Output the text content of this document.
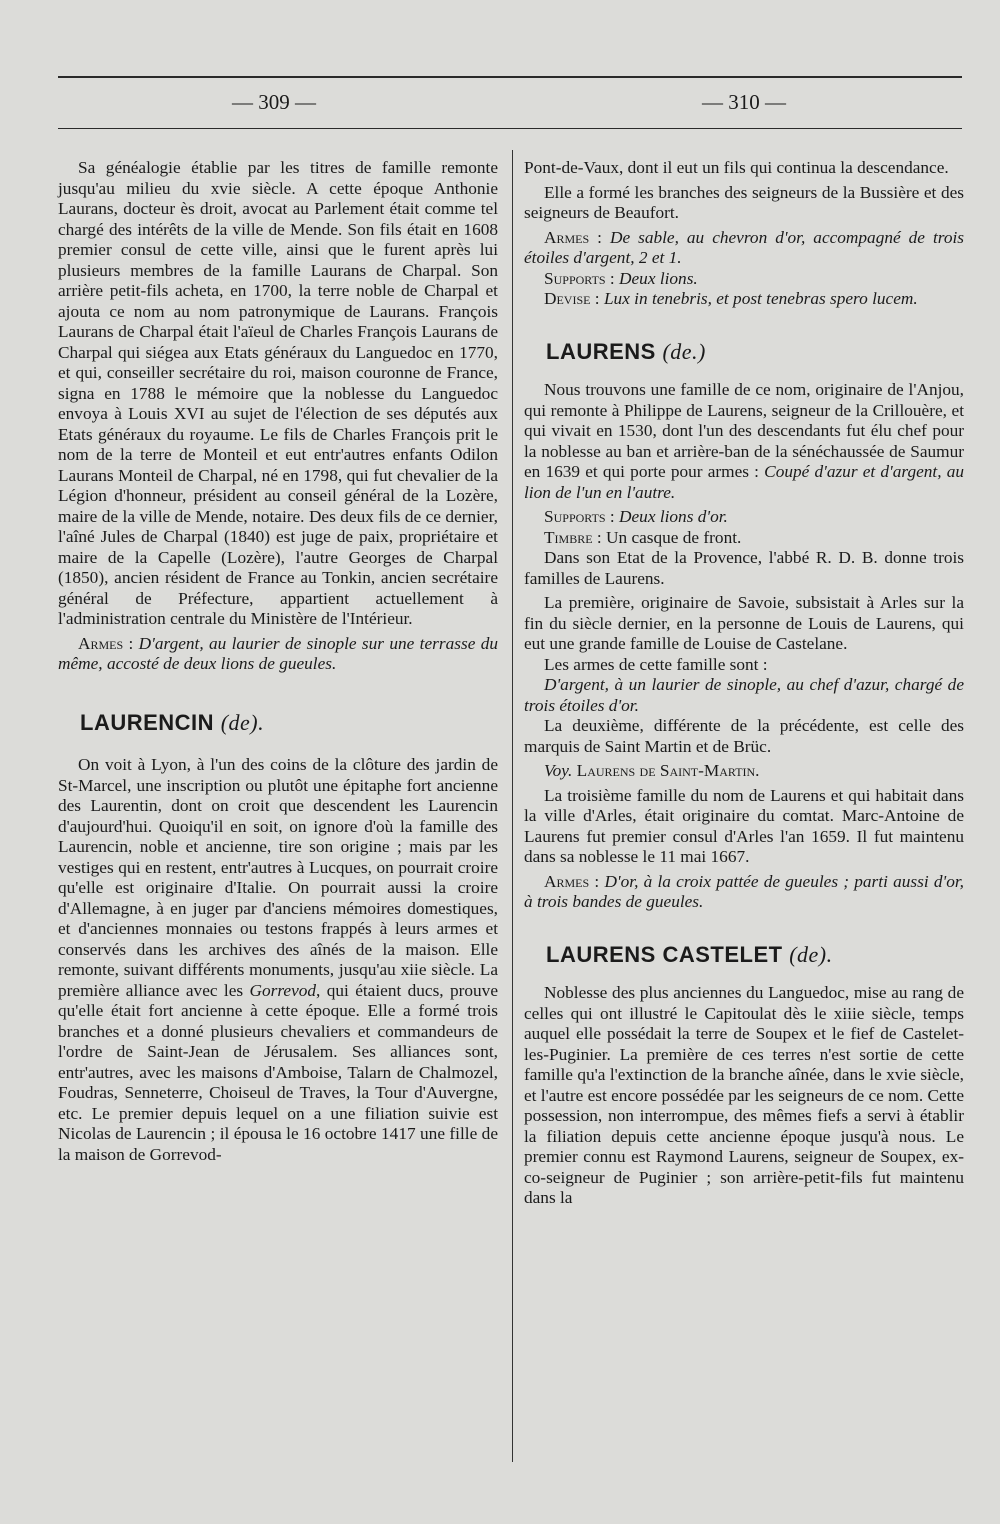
— 309 —	— 310 —

Sa généalogie établie par les titres de famille remonte jusqu'au milieu du xvie siècle. A cette époque Anthonie Laurans, docteur ès droit, avocat au Parlement était comme tel chargé des intérêts de la ville de Mende. Son fils était en 1608 premier consul de cette ville, ainsi que le furent après lui plusieurs membres de la famille Laurans de Charpal. Son arrière petit-fils acheta, en 1700, la terre noble de Charpal et ajouta ce nom au nom patronymique de Laurans. François Laurans de Charpal était l'aïeul de Charles François Laurans de Charpal qui siégea aux Etats généraux du Languedoc en 1770, et qui, conseiller secrétaire du roi, maison couronne de France, signa en 1788 le mémoire que la noblesse du Languedoc envoya à Louis XVI au sujet de l'élection de ses députés aux Etats généraux du royaume. Le fils de Charles François prit le nom de la terre de Monteil et eut entr'autres enfants Odilon Laurans Monteil de Charpal, né en 1798, qui fut chevalier de la Légion d'honneur, président au conseil général de la Lozère, maire de la ville de Mende, notaire. Des deux fils de ce dernier, l'aîné Jules de Charpal (1840) est juge de paix, propriétaire et maire de la Capelle (Lozère), l'autre Georges de Charpal (1850), ancien résident de France au Tonkin, ancien secrétaire général de Préfecture, appartient actuellement à l'administration centrale du Ministère de l'Intérieur.

Armes : D'argent, au laurier de sinople sur une terrasse du même, accosté de deux lions de gueules.

LAURENCIN (de).

On voit à Lyon, à l'un des coins de la clôture des jardin de St-Marcel, une inscription ou plutôt une épitaphe fort ancienne des Laurentin, dont on croit que descendent les Laurencin d'aujourd'hui. Quoiqu'il en soit, on ignore d'où la famille des Laurencin, noble et ancienne, tire son origine ; mais par les vestiges qui en restent, entr'autres à Lucques, on pourrait croire qu'elle est originaire d'Italie. On pourrait aussi la croire d'Allemagne, à en juger par d'anciens mémoires domestiques, et d'anciennes monnaies ou testons frappés à leurs armes et conservés dans les archives des aînés de la maison. Elle remonte, suivant différents monuments, jusqu'au xiie siècle. La première alliance avec les Gorrevod, qui étaient ducs, prouve qu'elle était fort ancienne à cette époque. Elle a formé trois branches et a donné plusieurs chevaliers et commandeurs de l'ordre de Saint-Jean de Jérusalem. Ses alliances sont, entr'autres, avec les maisons d'Amboise, Talarn de Chalmozel, Foudras, Senneterre, Choiseul de Traves, la Tour d'Auvergne, etc. Le premier depuis lequel on a une filiation suivie est Nicolas de Laurencin ; il épousa le 16 octobre 1417 une fille de la maison de Gorrevod-

Pont-de-Vaux, dont il eut un fils qui continua la descendance.

Elle a formé les branches des seigneurs de la Bussière et des seigneurs de Beaufort.

Armes : De sable, au chevron d'or, accompagné de trois étoiles d'argent, 2 et 1.

Supports : Deux lions.

Devise : Lux in tenebris, et post tenebras spero lucem.

LAURENS (de.)

Nous trouvons une famille de ce nom, originaire de l'Anjou, qui remonte à Philippe de Laurens, seigneur de la Crillouère, et qui vivait en 1530, dont l'un des descendants fut élu chef pour la noblesse au ban et arrière-ban de la sénéchaussée de Saumur en 1639 et qui porte pour armes : Coupé d'azur et d'argent, au lion de l'un en l'autre.

Supports : Deux lions d'or.

Timbre : Un casque de front.

Dans son Etat de la Provence, l'abbé R. D. B. donne trois familles de Laurens.

La première, originaire de Savoie, subsistait à Arles sur la fin du siècle dernier, en la personne de Louis de Laurens, qui eut une grande famille de Louise de Castelane.

Les armes de cette famille sont :

D'argent, à un laurier de sinople, au chef d'azur, chargé de trois étoiles d'or.

La deuxième, différente de la précédente, est celle des marquis de Saint Martin et de Brüc.

Voy. Laurens de Saint-Martin.

La troisième famille du nom de Laurens et qui habitait dans la ville d'Arles, était originaire du comtat. Marc-Antoine de Laurens fut premier consul d'Arles l'an 1659. Il fut maintenu dans sa noblesse le 11 mai 1667.

Armes : D'or, à la croix pattée de gueules ; parti aussi d'or, à trois bandes de gueules.

LAURENS CASTELET (de).

Noblesse des plus anciennes du Languedoc, mise au rang de celles qui ont illustré le Capitoulat dès le xiiie siècle, temps auquel elle possédait la terre de Soupex et le fief de Castelet-les-Puginier. La première de ces terres n'est sortie de cette famille qu'a l'extinction de la branche aînée, dans le xvie siècle, et l'autre est encore possédée par les seigneurs de ce nom. Cette possession, non interrompue, des mêmes fiefs a servi à établir la filiation depuis cette ancienne époque jusqu'à nous. Le premier connu est Raymond Laurens, seigneur de Soupex, ex-co-seigneur de Puginier ; son arrière-petit-fils fut maintenu dans la
